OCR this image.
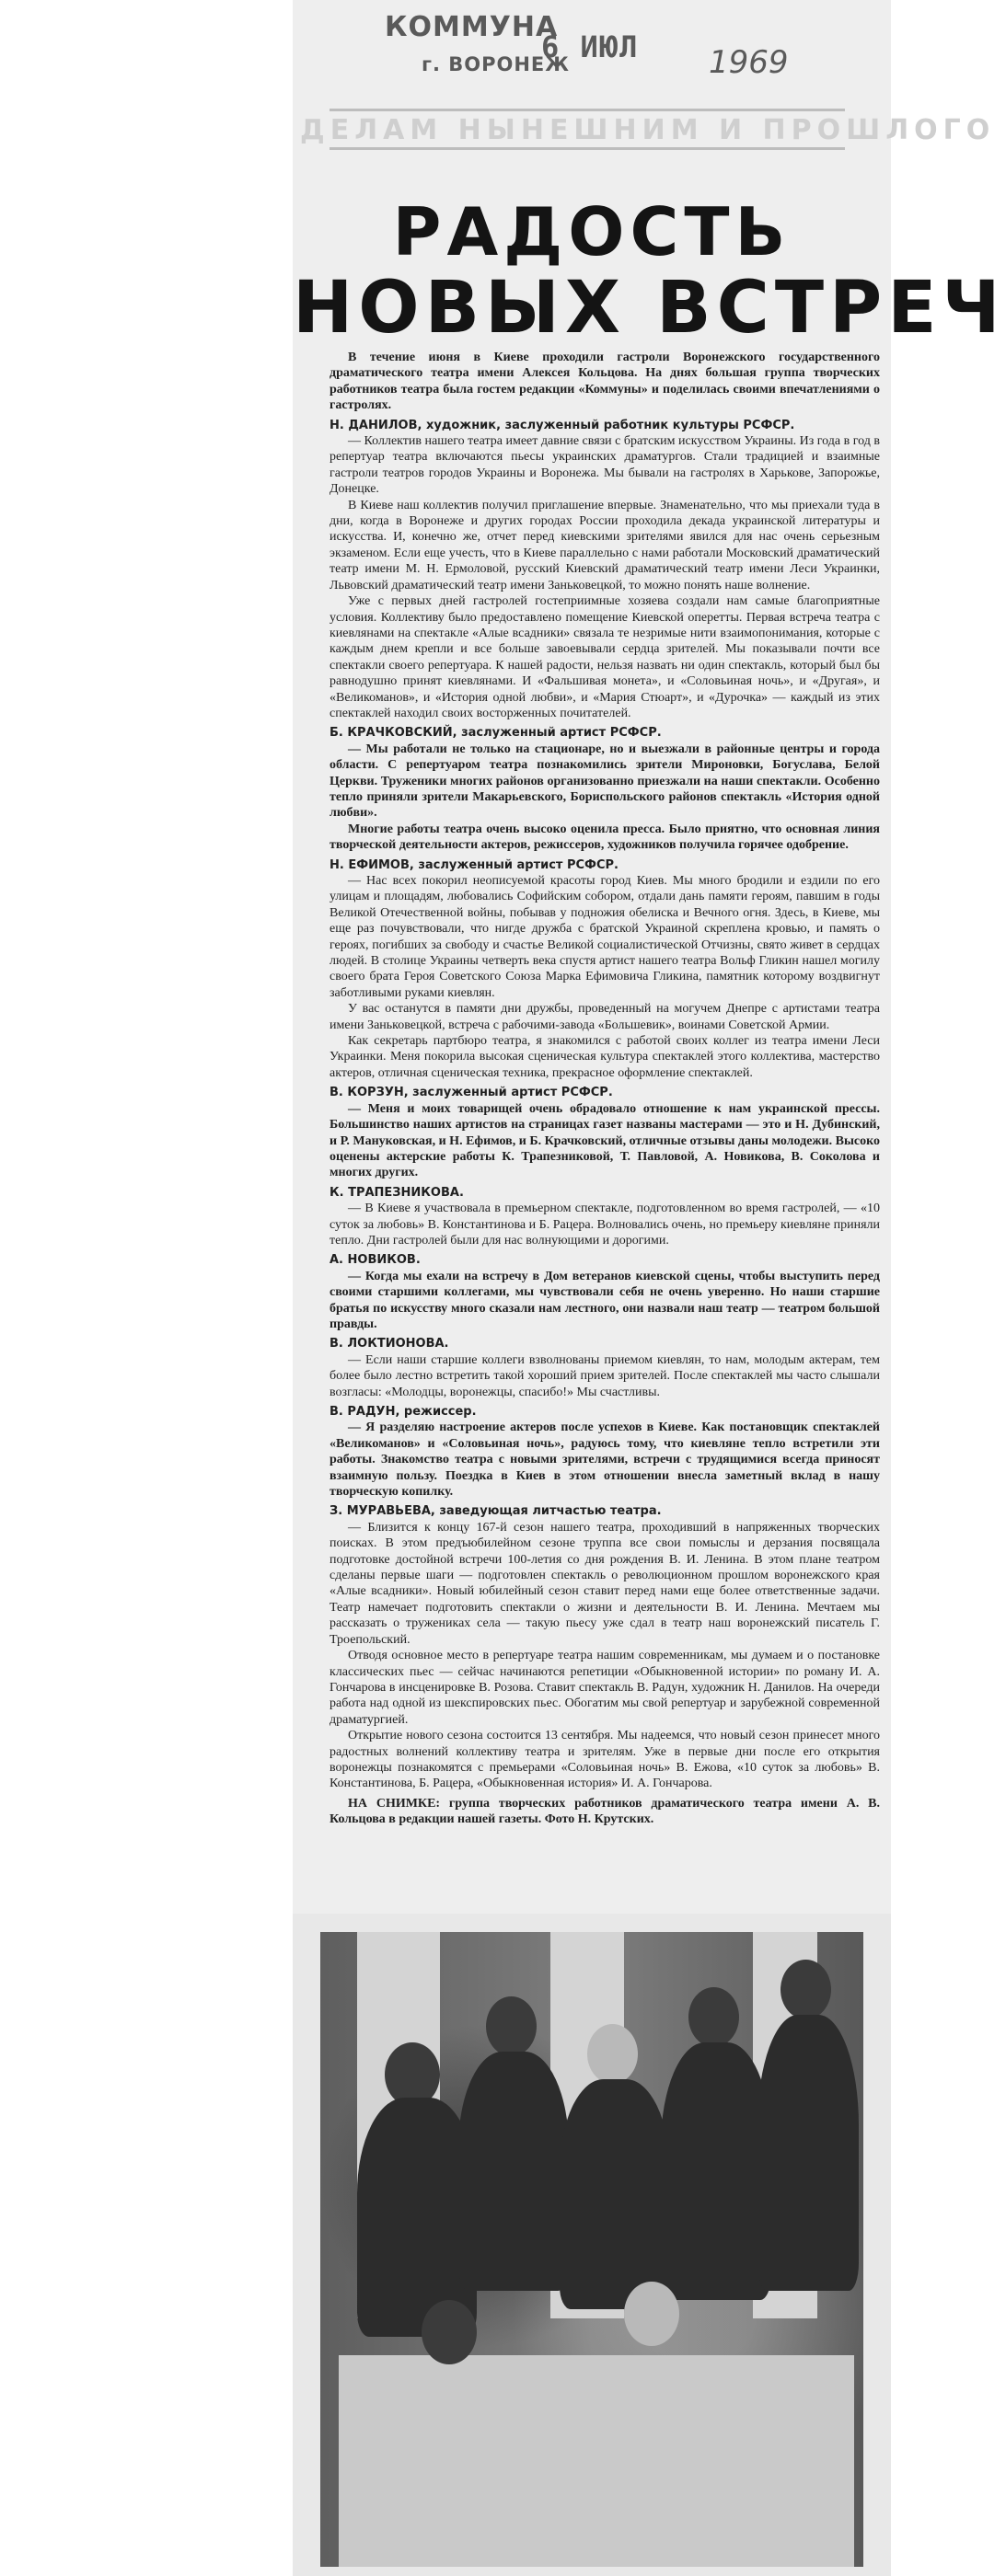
КОММУНА
г. ВОРОНЕЖ
6 ИЮЛ 1969
ДЕЛАМ НЫНЕШНИМ И ПРОШЛОГО
РАДОСТЬ
НОВЫХ ВСТРЕЧ

В течение июня в Киеве проходили гастроли Воронежского государственного драматического театра имени Алексея Кольцова. На днях большая группа творческих работников театра была гостем редакции «Коммуны» и поделилась своими впечатлениями о гастролях.

Н. ДАНИЛОВ, художник, заслуженный работник культуры РСФСР.

— Коллектив нашего театра имеет давние связи с братским искусством Украины. Из года в год в репертуар театра включаются пьесы украинских драматургов. Стали традицией и взаимные гастроли театров городов Украины и Воронежа. Мы бывали на гастролях в Харькове, Запорожье, Донецке.

В Киеве наш коллектив получил приглашение впервые. Знаменательно, что мы приехали туда в дни, когда в Воронеже и других городах России проходила декада украинской литературы и искусства. И, конечно же, отчет перед киевскими зрителями явился для нас очень серьезным экзаменом. Если еще учесть, что в Киеве параллельно с нами работали Московский драматический театр имени М. Н. Ермоловой, русский Киевский драматический театр имени Леси Украинки, Львовский драматический театр имени Заньковецкой, то можно понять наше волнение.

Уже с первых дней гастролей гостеприимные хозяева создали нам самые благоприятные условия. Коллективу было предоставлено помещение Киевской оперетты. Первая встреча театра с киевлянами на спектакле «Алые всадники» связала те незримые нити взаимопонимания, которые с каждым днем крепли и все больше завоевывали сердца зрителей. Мы показывали почти все спектакли своего репертуара. К нашей радости, нельзя назвать ни один спектакль, который был бы равнодушно принят киевлянами. И «Фальшивая монета», и «Соловьиная ночь», и «Другая», и «Великоманов», и «История одной любви», и «Мария Стюарт», и «Дурочка» — каждый из этих спектаклей находил своих восторженных почитателей.

Б. КРАЧКОВСКИЙ, заслуженный артист РСФСР.

— Мы работали не только на стационаре, но и выезжали в районные центры и города области. С репертуаром театра познакомились зрители Мироновки, Богуслава, Белой Церкви. Труженики многих районов организованно приезжали на наши спектакли. Особенно тепло приняли зрители Макарьевского, Бориспольского районов спектакль «История одной любви».

Многие работы театра очень высоко оценила пресса. Было приятно, что основная линия творческой деятельности актеров, режиссеров, художников получила горячее одобрение.

Н. ЕФИМОВ, заслуженный артист РСФСР.

— Нас всех покорил неописуемой красоты город Киев. Мы много бродили и ездили по его улицам и площадям, любовались Софийским собором, отдали дань памяти героям, павшим в годы Великой Отечественной войны, побывав у подножия обелиска и Вечного огня. Здесь, в Киеве, мы еще раз почувствовали, что нигде дружба с братской Украиной скреплена кровью, и память о героях, погибших за свободу и счастье Великой социалистической Отчизны, свято живет в сердцах людей. В столице Украины четверть века спустя артист нашего театра Вольф Гликин нашел могилу своего брата Героя Советского Союза Марка Ефимовича Гликина, памятник которому воздвигнут заботливыми руками киевлян.

У вас останутся в памяти дни дружбы, проведенный на могучем Днепре с артистами театра имени Заньковецкой, встреча с рабочими-завода «Большевик», воинами Советской Армии.

Как секретарь партбюро театра, я знакомился с работой своих коллег из театра имени Леси Украинки. Меня покорила высокая сценическая культура спектаклей этого коллектива, мастерство актеров, отличная сценическая техника, прекрасное оформление спектаклей.

В. КОРЗУН, заслуженный артист РСФСР.

— Меня и моих товарищей очень обрадовало отношение к нам украинской прессы. Большинство наших артистов на страницах газет названы мастерами — это и Н. Дубинский, и Р. Мануковская, и Н. Ефимов, и Б. Крачковский, отличные отзывы даны молодежи. Высоко оценены актерские работы К. Трапезниковой, Т. Павловой, А. Новикова, В. Соколова и многих других.

К. ТРАПЕЗНИКОВА.

— В Киеве я участвовала в премьерном спектакле, подготовленном во время гастролей, — «10 суток за любовь» В. Константинова и Б. Рацера. Волновались очень, но премьеру киевляне приняли тепло. Дни гастролей были для нас волнующими и дорогими.

А. НОВИКОВ.

— Когда мы ехали на встречу в Дом ветеранов киевской сцены, чтобы выступить перед своими старшими коллегами, мы чувствовали себя не очень уверенно. Но наши старшие братья по искусству много сказали нам лестного, они назвали наш театр — театром большой правды.

В. ЛОКТИОНОВА.

— Если наши старшие коллеги взволнованы приемом киевлян, то нам, молодым актерам, тем более было лестно встретить такой хороший прием зрителей. После спектаклей мы часто слышали возгласы: «Молодцы, воронежцы, спасибо!» Мы счастливы.

В. РАДУН, режиссер.

— Я разделяю настроение актеров после успехов в Киеве. Как постановщик спектаклей «Великоманов» и «Соловьиная ночь», радуюсь тому, что киевляне тепло встретили эти работы. Знакомство театра с новыми зрителями, встречи с трудящимися всегда приносят взаимную пользу. Поездка в Киев в этом отношении внесла заметный вклад в нашу творческую копилку.

З. МУРАВЬЕВА, заведующая литчастью театра.

— Близится к концу 167-й сезон нашего театра, проходивший в напряженных творческих поисках. В этом предъюбилейном сезоне труппа все свои помыслы и дерзания посвящала подготовке достойной встречи 100-летия со дня рождения В. И. Ленина. В этом плане театром сделаны первые шаги — подготовлен спектакль о революционном прошлом воронежского края «Алые всадники». Новый юбилейный сезон ставит перед нами еще более ответственные задачи. Театр намечает подготовить спектакли о жизни и деятельности В. И. Ленина. Мечтаем мы рассказать о тружениках села — такую пьесу уже сдал в театр наш воронежский писатель Г. Троепольский.

Отводя основное место в репертуаре театра нашим современникам, мы думаем и о постановке классических пьес — сейчас начинаются репетиции «Обыкновенной истории» по роману И. А. Гончарова в инсценировке В. Розова. Ставит спектакль В. Радун, художник Н. Данилов. На очереди работа над одной из шекспировских пьес. Обогатим мы свой репертуар и зарубежной современной драматургией.

Открытие нового сезона состоится 13 сентября. Мы надеемся, что новый сезон принесет много радостных волнений коллективу театра и зрителям. Уже в первые дни после его открытия воронежцы познакомятся с премьерами «Соловьиная ночь» В. Ежова, «10 суток за любовь» В. Константинова, Б. Рацера, «Обыкновенная история» И. А. Гончарова.

НА СНИМКЕ: группа творческих работников драматического театра имени А. В. Кольцова в редакции нашей газеты. Фото Н. Крутских.
